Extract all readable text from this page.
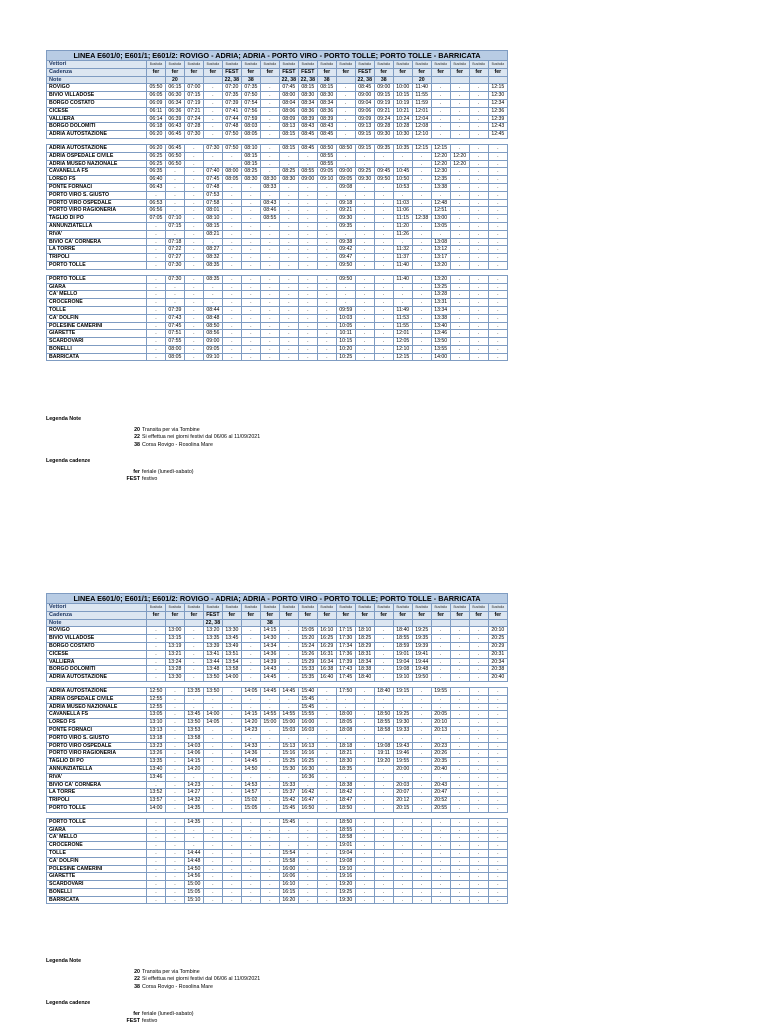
LINEA E601/0; E601/1; E601/2: ROVIGO - ADRIA; ADRIA - PORTO VIRO - PORTO TOLLE; PORTO TOLLE - BARRICATA																			
Vettori	Busitalia	Busitalia	Busitalia	Busitalia	Busitalia	Busitalia	Busitalia	Busitalia	Busitalia	Busitalia	Busitalia	Busitalia	Busitalia	Busitalia	Busitalia	Busitalia	Busitalia	Busitalia	Busitalia
Cadenza	fer	fer	fer	fer	FEST	fer	fer	FEST	FEST	fer	fer	FEST	fer	fer	fer	fer	fer	fer	fer
Note		20			22, 38	38		22, 38	22, 38	38		22, 38	38		20				
ROVIGO	05:50	06:15	07:00	.	07:20	07:35	.	07:45	08:15	08:15	.	08:45	09:00	10:00	11:40	.	.	.	12:15
BIVIO VILLADOSE	06:05	06:30	07:15	.	07:35	07:50	.	08:00	08:30	08:30	.	09:00	09:15	10:15	11:55	.	.	.	12:30
BORGO COSTATO	06:09	06:34	07:19	.	07:39	07:54	.	08:04	08:34	08:34	.	09:04	09:19	10:19	11:59	.	.	.	12:34
CICESE	06:11	06:36	07:21	.	07:41	07:56	.	08:06	08:36	08:36	.	09:06	09:21	10:21	12:01	.	.	.	12:36
VALLIERA	06:14	06:39	07:24	.	07:44	07:59	.	08:09	08:39	08:39	.	09:09	09:24	10:24	12:04	.	.	.	12:39
BORGO DOLOMITI	06:18	06:43	07:28	.	07:48	08:03	.	08:13	08:43	08:43	.	09:13	09:28	10:28	12:08	.	.	.	12:43
ADRIA AUTOSTAZIONE	06:20	06:45	07:30	.	07:50	08:05	.	08:15	08:45	08:45	.	09:15	09:30	10:30	12:10	.	.	.	12:45

ADRIA AUTOSTAZIONE	06:20	06:45	.	07:30	07:50	08:10	.	08:15	08:45	08:50	08:50	09:15	09:35	10:35	12:15	12:15	.	.	.
ADRIA OSPEDALE CIVILE	06:25	06:50	.	.	.	08:15	.	.	.	08:55	.	.	.	.	.	12:20	12:20	.	.
ADRIA MUSEO NAZIONALE	06:25	06:50	.	.	.	08:15	.	.	.	08:55	.	.	.	.	.	12:20	12:20	.	.
CAVANELLA FS	06:35	.	.	07:40	08:00	08:25	.	08:25	08:55	09:05	09:00	09:25	09:45	10:45	.	12:30	.	.	.
LOREO FS	06:40	.	.	07:45	08:05	08:30	08:30	08:30	09:00	09:10	09:05	09:30	09:50	10:50	.	12:35	.	.	.
PONTE FORNACI	06:43	.	.	07:48	.	.	08:33	.	.	.	09:08	.	.	10:53	.	13:38	.	.	.
PORTO VIRO S. GIUSTO	.	.	.	07:53	.	.	.	.	.	.	.	.	.	.	.	.	.	.	.
PORTO VIRO OSPEDALE	06:53	.	.	07:58	.	.	08:43	.	.	.	09:18	.	.	11:03	.	12:48	.	.	.
PORTO VIRO RAGIONERIA	06:56	.	.	08:01	.	.	08:46	.	.	.	09:21	.	.	11:06	.	12:51	.	.	.
TAGLIO DI PO	07:05	07:10	.	08:10	.	.	08:55	.	.	.	09:30	.	.	11:15	12:38	13:00	.	.	.
ANNUNZIATELLA	.	07:15	.	08:15	.	.	.	.	.	.	09:35	.	.	11:20	.	13:05	.	.	.
RIVA'	.	.	.	08:21	.	.	.	.	.	.	.	.	.	11:26	.	.	.	.	.
BIVIO CA' CORNERA	.	07:18	.	.	.	.	.	.	.	.	09:38	.	.	.	.	13:08	.	.	.
LA TORRE	.	07:22	.	08:27	.	.	.	.	.	.	09:42	.	.	11:32	.	13:12	.	.	.
TRIPOLI	.	07:27	.	08:32	.	.	.	.	.	.	09:47	.	.	11:37	.	13:17	.	.	.
PORTO TOLLE	.	07:30	.	08:35	.	.	.	.	.	.	09:50	.	.	11:40	.	13:20	.	.	.

PORTO TOLLE	.	07:30	.	08:35	.	.	.	.	.	.	09:50	.	.	11:40	.	13:20	.	.	.
GIARA	.	.	.	.	.	.	.	.	.	.	.	.	.	.	.	13:25	.	.	.
CA' MELLO	.	.	.	.	.	.	.	.	.	.	.	.	.	.	.	13:28	.	.	.
CROCERONE	.	.	.	.	.	.	.	.	.	.	.	.	.	.	.	13:31	.	.	.
TOLLE	.	07:39	.	08:44	.	.	.	.	.	.	09:59	.	.	11:49	.	13:34	.	.	.
CA' DOLFIN	.	07:43	.	08:48	.	.	.	.	.	.	10:03	.	.	11:53	.	13:38	.	.	.
POLESINE CAMERINI	.	07:45	.	08:50	.	.	.	.	.	.	10:05	.	.	11:55	.	13:40	.	.	.
GIARETTE	.	07:51	.	08:56	.	.	.	.	.	.	10:11	.	.	12:01	.	13:46	.	.	.
SCARDOVARI	.	07:55	.	09:00	.	.	.	.	.	.	10:15	.	.	12:05	.	13:50	.	.	.
BONELLI	.	08:00	.	09:05	.	.	.	.	.	.	10:20	.	.	12:10	.	13:55	.	.	.
BARRICATA	.	08:05	.	09:10	.	.	.	.	.	.	10:25	.	.	12:15	.	14:00	.	.	.
Legenda Note
20 Transita per via Tombine
22 Si effettua nei giorni festivi dal 06/06 al 11/09/2021
38 Corsa Rovigo - Rosolina Mare
Legenda cadenze
fer feriale (lunedì-sabato)
FEST festivo
LINEA E601/0; E601/1; E601/2: ROVIGO - ADRIA; ADRIA - PORTO VIRO - PORTO TOLLE; PORTO TOLLE - BARRICATA																			
Vettori	Busitalia	Busitalia	Busitalia	Busitalia	Busitalia	Busitalia	Busitalia	Busitalia	Busitalia	Busitalia	Busitalia	Busitalia	Busitalia	Busitalia	Busitalia	Busitalia	Busitalia	Busitalia	Busitalia
Cadenza	fer	fer	fer	FEST	fer	fer	fer	fer	fer	fer	fer	fer	fer	fer	fer	fer	fer	fer	fer
Note				22, 38			38												
ROVIGO	.	13:00	.	13:20	13:30	.	14:15	.	15:05	16:10	17:15	18:10	.	18:40	19:25	.	.	.	20:10
BIVIO VILLADOSE	.	13:15	.	13:35	13:45	.	14:30	.	15:20	16:25	17:30	18:25	.	18:55	19:35	.	.	.	20:25
BORGO COSTATO	.	13:19	.	13:39	13:49	.	14:34	.	15:24	16:29	17:34	18:29	.	18:59	19:39	.	.	.	20:29
CICESE	.	13:21	.	13:41	13:51	.	14:36	.	15:26	16:31	17:36	18:31	.	19:01	19:41	.	.	.	20:31
VALLIERA	.	13:24	.	13:44	13:54	.	14:39	.	15:29	16:34	17:39	18:34	.	19:04	19:44	.	.	.	20:34
BORGO DOLOMITI	.	13:28	.	13:48	13:58	.	14:43	.	15:33	16:38	17:43	18:38	.	19:08	19:48	.	.	.	20:38
ADRIA AUTOSTAZIONE	.	13:30	.	13:50	14:00	.	14:45	.	15:35	16:40	17:45	18:40	.	19:10	19:50	.	.	.	20:40

ADRIA AUTOSTAZIONE	12:50	.	13:35	13:50	.	14:05	14:45	14:45	15:40	.	17:50	.	18:40	19:15	.	19:55	.	.	.
ADRIA OSPEDALE CIVILE	12:55	.	.	.	.	.	.	.	15:45	.	.	.	.	.	.	.	.	.	.
ADRIA MUSEO NAZIONALE	12:55	.	.	.	.	.	.	.	15:45	.	.	.	.	.	.	.	.	.	.
CAVANELLA FS	13:05	.	13:45	14:00	.	14:15	14:55	14:55	15:55	.	18:00	.	18:50	19:25	.	20:05	.	.	.
LOREO FS	13:10	.	13:50	14:05	.	14:20	15:00	15:00	16:00	.	18:05	.	18:55	19:30	.	20:10	.	.	.
PONTE FORNACI	13:13	.	13:53	.	.	14:23	.	15:03	16:03	.	18:08	.	18:58	19:33	.	20:13	.	.	.
PORTO VIRO S. GIUSTO	13:18	.	13:58	.	.	.	.	.	.	.	.	.	.	.	.	.	.	.	.
PORTO VIRO OSPEDALE	13:23	.	14:03	.	.	14:33	.	15:13	16:13	.	18:18	.	19:08	19:43	.	20:23	.	.	.
PORTO VIRO RAGIONERIA	13:26	.	14:06	.	.	14:36	.	15:16	16:16	.	18:21	.	19:11	19:46	.	20:26	.	.	.
TAGLIO DI PO	13:35	.	14:15	.	.	14:45	.	15:25	16:25	.	18:30	.	19:20	19:55	.	20:35	.	.	.
ANNUNZIATELLA	13:40	.	14:20	.	.	14:50	.	15:30	16:30	.	18:35	.	.	20:00	.	20:40	.	.	.
RIVA'	13:46	.	.	.	.	.	.	.	16:36	.	.	.	.	.	.	.	.	.	.
BIVIO CA' CORNERA	.	.	14:23	.	.	14:53	.	15:33	.	.	18:38	.	.	20:03	.	20:43	.	.	.
LA TORRE	13:52	.	14:27	.	.	14:57	.	15:37	16:42	.	18:42	.	.	20:07	.	20:47	.	.	.
TRIPOLI	13:57	.	14:32	.	.	15:02	.	15:42	16:47	.	18:47	.	.	20:12	.	20:52	.	.	.
PORTO TOLLE	14:00	.	14:35	.	.	15:05	.	15:45	16:50	.	18:50	.	.	20:15	.	20:55	.	.	.

PORTO TOLLE	.	.	14:35	.	.	.	.	15:45	.	.	18:50	.	.	.	.	.	.	.	.
GIARA	.	.	.	.	.	.	.	.	.	.	18:55	.	.	.	.	.	.	.	.
CA' MELLO	.	.	.	.	.	.	.	.	.	.	18:58	.	.	.	.	.	.	.	.
CROCERONE	.	.	.	.	.	.	.	.	.	.	19:01	.	.	.	.	.	.	.	.
TOLLE	.	.	14:44	.	.	.	.	15:54	.	.	19:04	.	.	.	.	.	.	.	.
CA' DOLFIN	.	.	14:48	.	.	.	.	15:58	.	.	19:08	.	.	.	.	.	.	.	.
POLESINE CAMERINI	.	.	14:50	.	.	.	.	16:00	.	.	19:10	.	.	.	.	.	.	.	.
GIARETTE	.	.	14:56	.	.	.	.	16:06	.	.	19:16	.	.	.	.	.	.	.	.
SCARDOVARI	.	.	15:00	.	.	.	.	16:10	.	.	19:20	.	.	.	.	.	.	.	.
BONELLI	.	.	15:05	.	.	.	.	16:15	.	.	19:25	.	.	.	.	.	.	.	.
BARRICATA	.	.	15:10	.	.	.	.	16:20	.	.	19:30	.	.	.	.	.	.	.	.
Legenda Note
20 Transita per via Tombine
22 Si effettua nei giorni festivi dal 06/06 al 11/09/2021
38 Corsa Rovigo - Rosolina Mare
Legenda cadenze
fer feriale (lunedì-sabato)
FEST festivo
